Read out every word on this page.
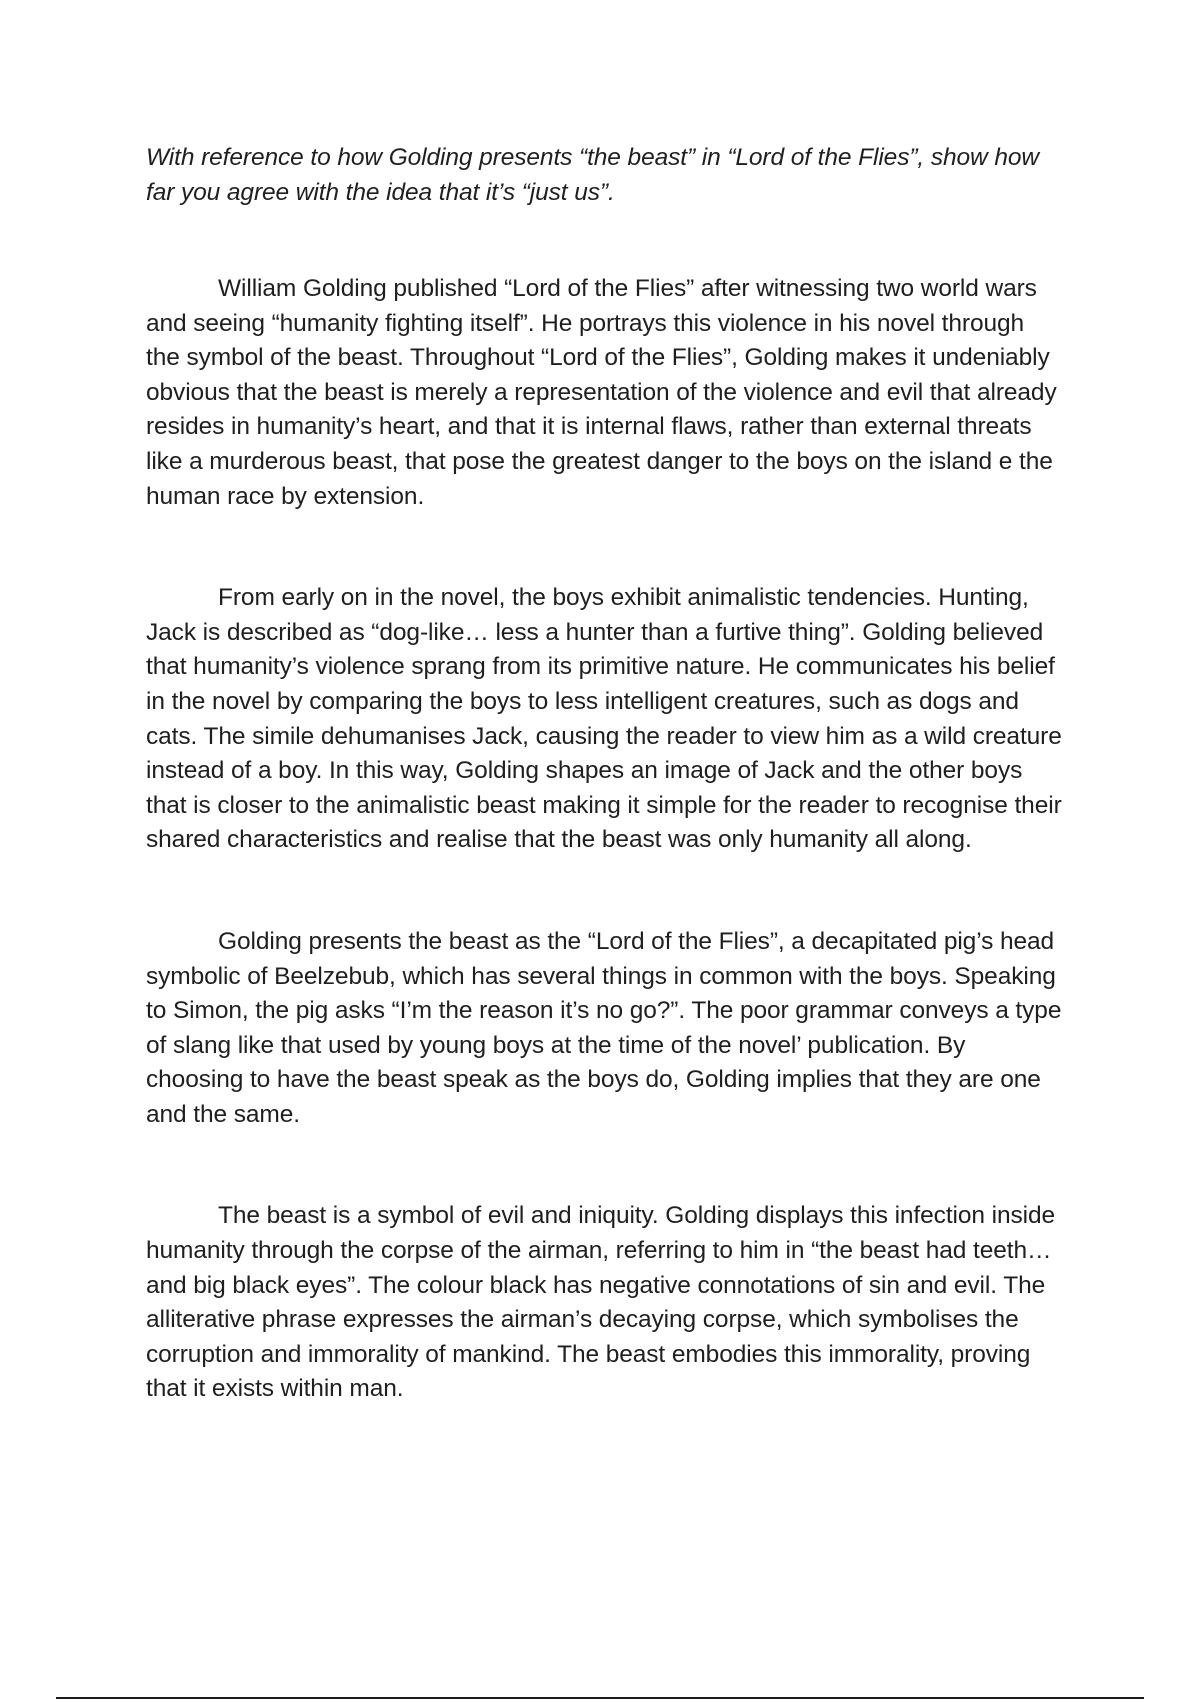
With reference to how Golding presents “the beast” in “Lord of the Flies”, show how far you agree with the idea that it’s “just us”.

William Golding published “Lord of the Flies” after witnessing two world wars and seeing “humanity fighting itself”. He portrays this violence in his novel through the symbol of the beast. Throughout “Lord of the Flies”, Golding makes it undeniably obvious that the beast is merely a representation of the violence and evil that already resides in humanity’s heart, and that it is internal flaws, rather than external threats like a murderous beast, that pose the greatest danger to the boys on the island e the human race by extension.

From early on in the novel, the boys exhibit animalistic tendencies. Hunting, Jack is described as “dog-like… less a hunter than a furtive thing”. Golding believed that humanity’s violence sprang from its primitive nature. He communicates his belief in the novel by comparing the boys to less intelligent creatures, such as dogs and cats. The simile dehumanises Jack, causing the reader to view him as a wild creature instead of a boy. In this way, Golding shapes an image of Jack and the other boys that is closer to the animalistic beast making it simple for the reader to recognise their shared characteristics and realise that the beast was only humanity all along.

Golding presents the beast as the “Lord of the Flies”, a decapitated pig’s head symbolic of Beelzebub, which has several things in common with the boys. Speaking to Simon, the pig asks “I’m the reason it’s no go?”. The poor grammar conveys a type of slang like that used by young boys at the time of the novel’ publication. By choosing to have the beast speak as the boys do, Golding implies that they are one and the same.

The beast is a symbol of evil and iniquity. Golding displays this infection inside humanity through the corpse of the airman, referring to him in “the beast had teeth… and big black eyes”. The colour black has negative connotations of sin and evil. The alliterative phrase expresses the airman’s decaying corpse, which symbolises the corruption and immorality of mankind. The beast embodies this immorality, proving that it exists within man.
